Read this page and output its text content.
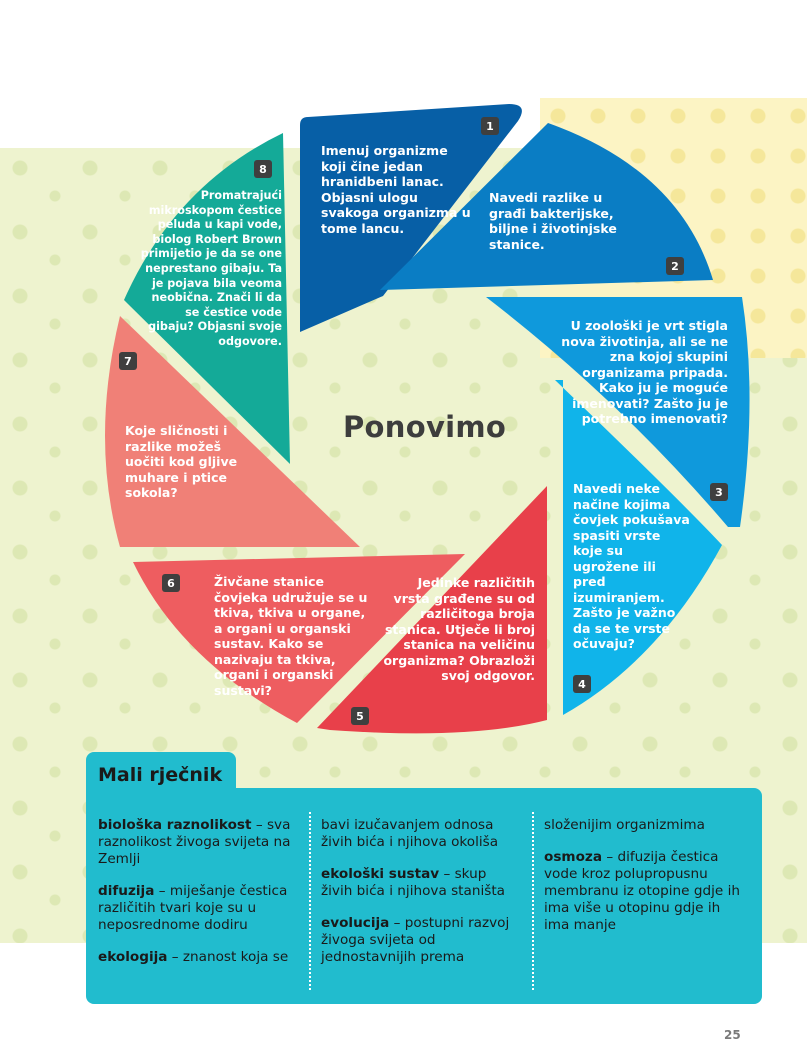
Ponovimo

Imenuj organizme koji čine jedan hranidbeni lanac. Objasni ulogu svakoga organizma u tome lancu.

1

Navedi razlike u građi bakterijske, biljne i životinjske stanice.

2

U zoološki je vrt stigla nova životinja, ali se ne zna kojoj skupini organizama pripada. Kako ju je moguće imenovati? Zašto ju je potrebno imenovati?

3

Navedi neke načine kojima čovjek pokušava spasiti vrste koje su ugrožene ili pred izumiranjem. Zašto je važno da se te vrste očuvaju?

4

Jedinke različitih vrsta građene su od različitoga broja stanica. Utječe li broj stanica na veličinu organizma? Obrazloži svoj odgovor.

5

Živčane stanice čovjeka udružuje se u tkiva, tkiva u organe, a organi u organski sustav. Kako se nazivaju ta tkiva, organi i organski sustavi?

6

Koje sličnosti i razlike možeš uočiti kod gljive muhare i ptice sokola?

7

Promatrajući mikroskopom čestice peluda u kapi vode, biolog Robert Brown primijetio je da se one neprestano gibaju. Ta je pojava bila veoma neobična. Znači li da se čestice vode gibaju? Objasni svoje odgovore.

8
Mali rječnik

biološka raznolikost – sva raznolikost živoga svijeta na Zemlji

difuzija – miješanje čestica različitih tvari koje su u neposrednome dodiru

ekologija – znanost koja se

bavi izučavanjem odnosa živih bića i njihova okoliša

ekološki sustav – skup živih bića i njihova staništa

evolucija – postupni razvoj živoga svijeta od jednostavnijih prema

složenijim organizmima

osmoza – difuzija čestica vode kroz polupropusnu membranu iz otopine gdje ih ima više u otopinu gdje ih ima manje

25
